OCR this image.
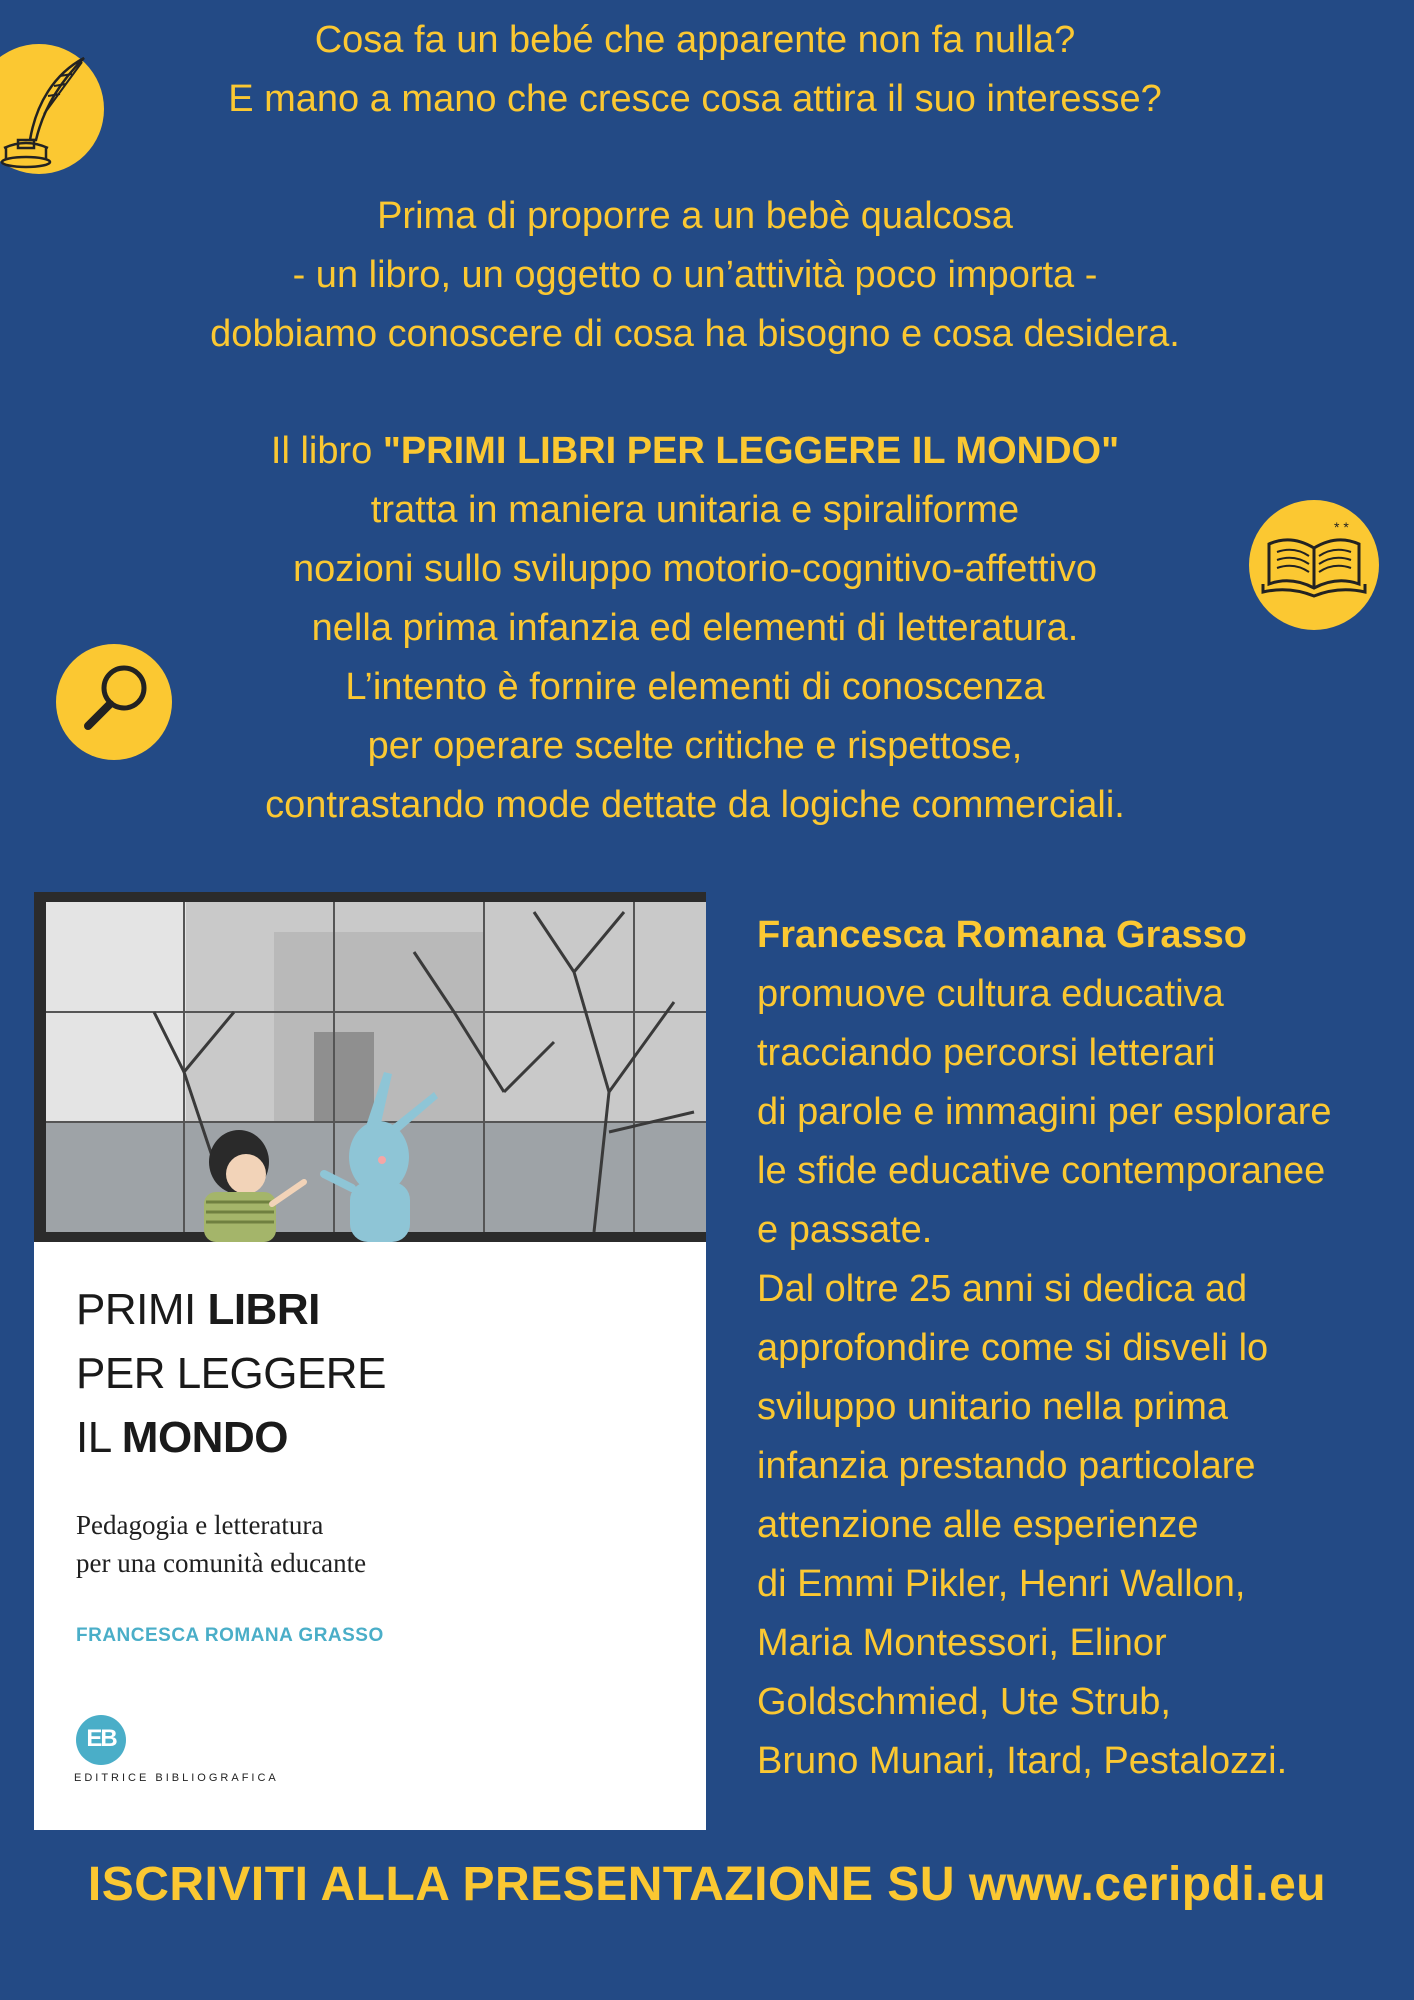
* *

Cosa fa un bebé che apparente non fa nulla?

E mano a mano che cresce cosa attira il suo interesse?

Prima di proporre a un bebè qualcosa

- un libro, un oggetto o un’attività poco importa -

dobbiamo conoscere di cosa ha bisogno e cosa desidera.

Il libro "PRIMI LIBRI PER LEGGERE IL MONDO"

tratta in maniera unitaria e spiraliforme

nozioni sullo sviluppo motorio-cognitivo-affettivo

nella prima infanzia ed elementi di letteratura.

L’intento è fornire elementi di conoscenza

per operare scelte critiche e rispettose,

contrastando mode dettate da logiche commerciali.

PRIMI LIBRI
PER LEGGERE
IL MONDO
Pedagogia e letteratura
per una comunità educante
FRANCESCA ROMANA GRASSO
EB
EDITRICE BIBLIOGRAFICA

Francesca Romana Grasso

promuove cultura educativa

tracciando percorsi letterari

di parole e immagini per esplorare

le sfide educative contemporanee

e passate.

Dal oltre 25 anni si dedica ad

approfondire come si disveli lo

sviluppo unitario nella prima

infanzia prestando particolare

attenzione alle esperienze

di Emmi Pikler, Henri Wallon,

Maria Montessori, Elinor

Goldschmied, Ute Strub,

Bruno Munari, Itard, Pestalozzi.

ISCRIVITI ALLA PRESENTAZIONE SU www.ceripdi.eu
